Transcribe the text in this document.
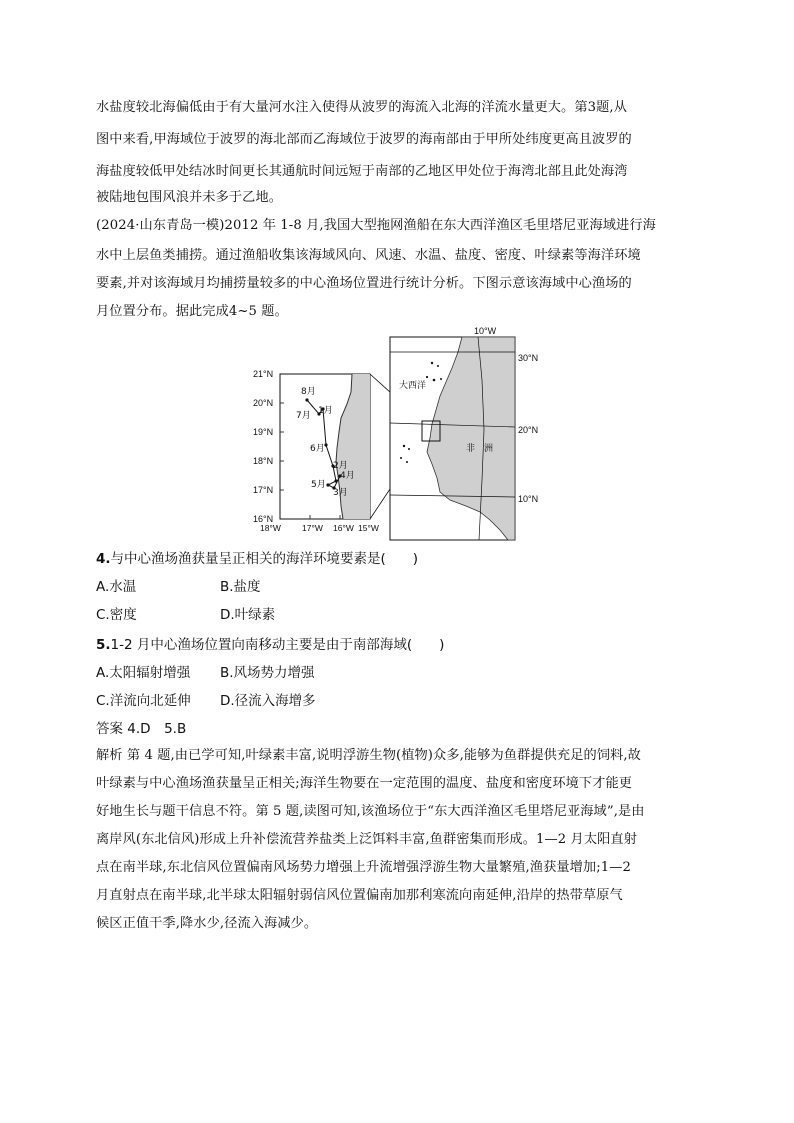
水盐度较北海偏低由于有大量河水注入使得从波罗的海流入北海的洋流水量更大。第3题,从
图中来看,甲海域位于波罗的海北部而乙海域位于波罗的海南部由于甲所处纬度更高且波罗的
海盐度较低甲处结冰时间更长其通航时间远短于南部的乙地区甲处位于海湾北部且此处海湾
被陆地包围风浪并未多于乙地。
(2024·山东青岛一模)2012 年 1-8 月,我国大型拖网渔船在东大西洋渔区毛里塔尼亚海域进行海
水中上层鱼类捕捞。通过渔船收集该海域风向、风速、水温、盐度、密度、叶绿素等海洋环境
要素,并对该海域月均捕捞量较多的中心渔场位置进行统计分析。下图示意该海域中心渔场的
月位置分布。据此完成4~5 题。
21°N
20°N
19°N
18°N
17°N
16°N
18°W 17°W 16°W 15°W
8月
7月 1月
6月
2月
4月
5月
3月
10°W
30°N
20°N
10°N
大西洋
非　洲
4.与中心渔场渔获量呈正相关的海洋环境要素是(　　)
A.水温	B.盐度
C.密度	D.叶绿素
5.1-2 月中心渔场位置向南移动主要是由于南部海域(　　)
A.太阳辐射增强 B.风场势力增强
C.洋流向北延伸 D.径流入海增多
答案 4.D　5.B
解析 第 4 题,由已学可知,叶绿素丰富,说明浮游生物(植物)众多,能够为鱼群提供充足的饲料,故
叶绿素与中心渔场渔获量呈正相关;海洋生物要在一定范围的温度、盐度和密度环境下才能更
好地生长与题干信息不符。第 5 题,读图可知,该渔场位于“东大西洋渔区毛里塔尼亚海域”,是由
离岸风(东北信风)形成上升补偿流营养盐类上泛饵料丰富,鱼群密集而形成。1—2 月太阳直射
点在南半球,东北信风位置偏南风场势力增强上升流增强浮游生物大量繁殖,渔获量增加;1—2
月直射点在南半球,北半球太阳辐射弱信风位置偏南加那利寒流向南延伸,沿岸的热带草原气
候区正值干季,降水少,径流入海减少。
